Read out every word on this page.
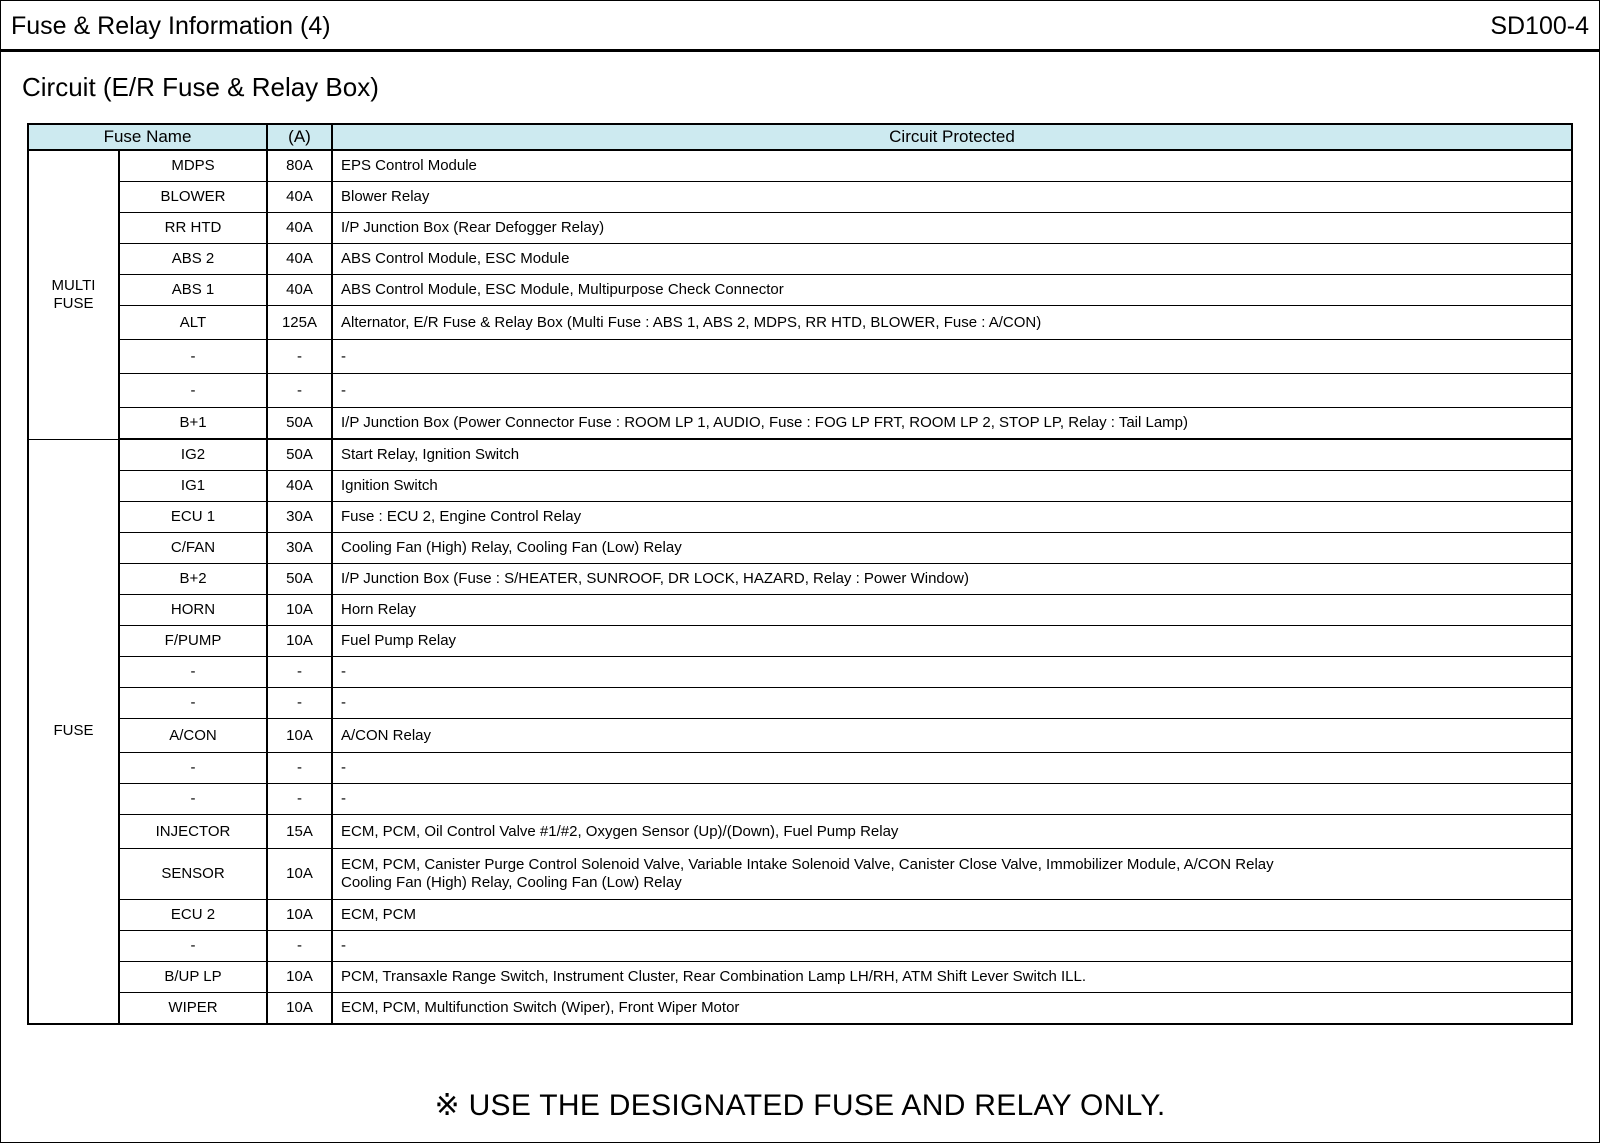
Fuse & Relay Information (4)	SD100-4
Circuit (E/R Fuse & Relay Box)
Fuse Name		(A)	Circuit Protected

MULTI
FUSE	MDPS	80A	EPS Control Module

	BLOWER	40A	Blower Relay

	RR HTD	40A	I/P Junction Box (Rear Defogger Relay)

	ABS 2	40A	ABS Control Module, ESC Module

	ABS 1	40A	ABS Control Module, ESC Module, Multipurpose Check Connector

	ALT	125A	Alternator, E/R Fuse & Relay Box (Multi Fuse : ABS 1, ABS 2, MDPS, RR HTD, BLOWER, Fuse : A/CON)

	-	-	-

	-	-	-

	B+1	50A	I/P Junction Box (Power Connector Fuse : ROOM LP 1, AUDIO, Fuse : FOG LP FRT, ROOM LP 2, STOP LP, Relay : Tail Lamp)

FUSE	IG2	50A	Start Relay, Ignition Switch

	IG1	40A	Ignition Switch

	ECU 1	30A	Fuse : ECU 2, Engine Control Relay

	C/FAN	30A	Cooling Fan (High) Relay, Cooling Fan (Low) Relay

	B+2	50A	I/P Junction Box (Fuse : S/HEATER, SUNROOF, DR LOCK, HAZARD, Relay : Power Window)

	HORN	10A	Horn Relay

	F/PUMP	10A	Fuel Pump Relay

	-	-	-

	-	-	-

	A/CON	10A	A/CON Relay

	-	-	-

	-	-	-

	INJECTOR	15A	ECM, PCM, Oil Control Valve #1/#2, Oxygen Sensor (Up)/(Down), Fuel Pump Relay

	SENSOR	10A	ECM, PCM, Canister Purge Control Solenoid Valve, Variable Intake Solenoid Valve, Canister Close Valve, Immobilizer Module, A/CON Relay
Cooling Fan (High) Relay, Cooling Fan (Low) Relay

	ECU 2	10A	ECM, PCM

	-	-	-

	B/UP LP	10A	PCM, Transaxle Range Switch, Instrument Cluster, Rear Combination Lamp LH/RH, ATM Shift Lever Switch ILL.

	WIPER	10A	ECM, PCM, Multifunction Switch (Wiper), Front Wiper Motor
※ USE THE DESIGNATED FUSE AND RELAY ONLY.
